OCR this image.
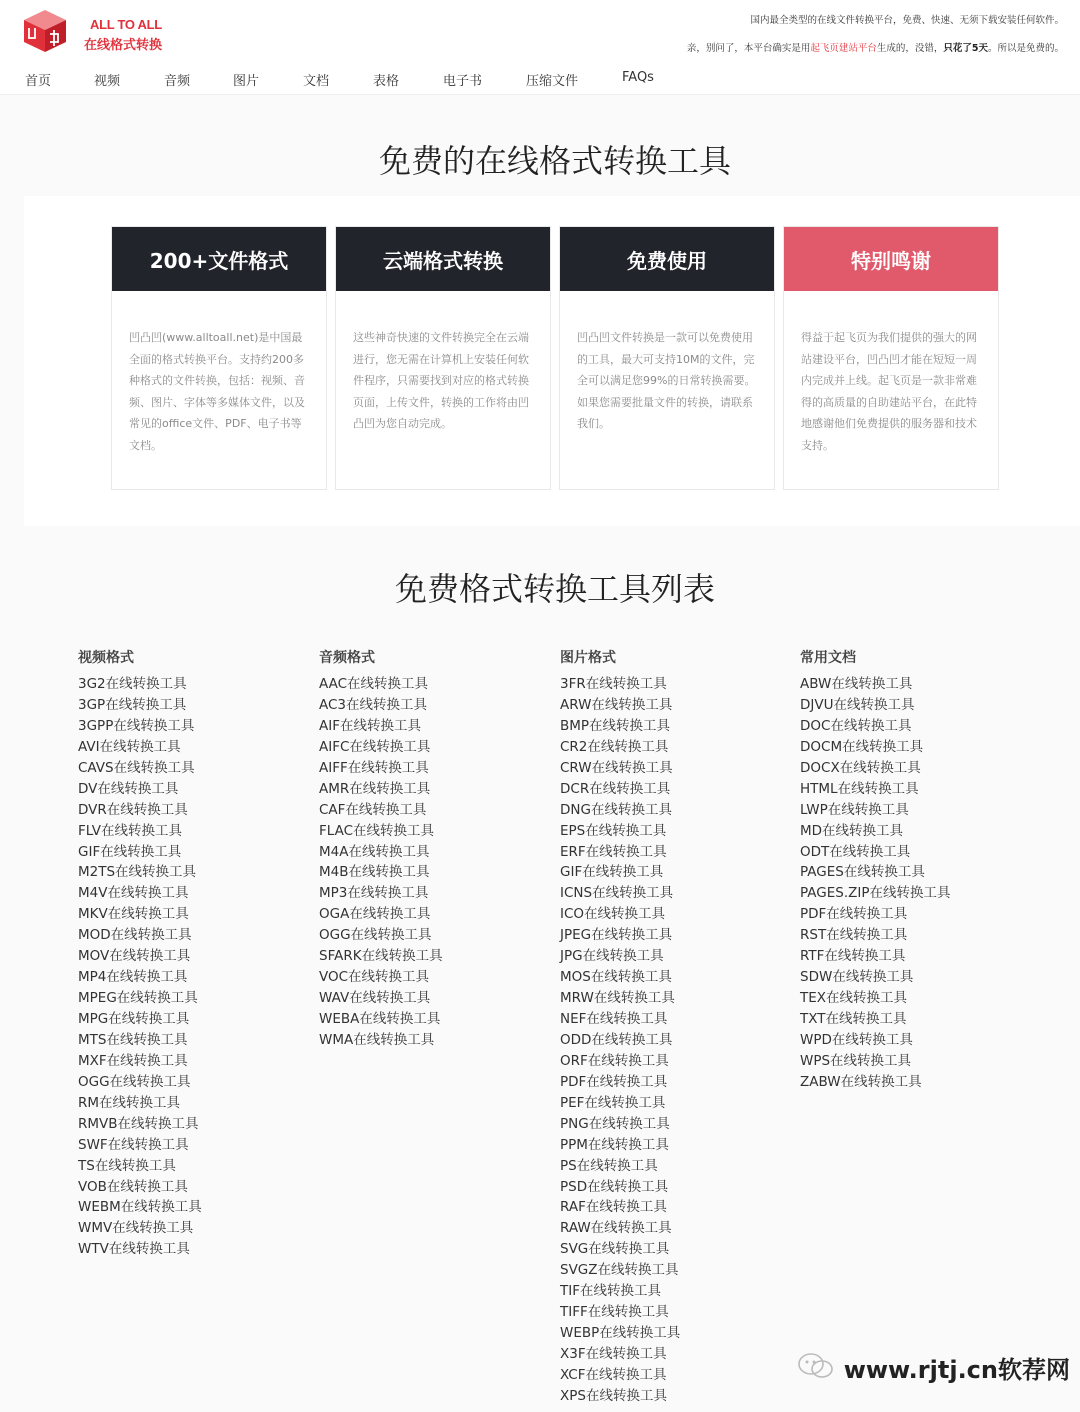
ALL TO ALL
在线格式转换
国内最全类型的在线文件转换平台，免费、快速、无须下载安装任何软件。
亲，别问了，本平台确实是用起飞页建站平台生成的，没错，只花了5天。所以是免费的。
首页	视频	音频	图片	文档	表格	电子书	压缩文件	FAQs
免费的在线格式转换工具
200+文件格式
凹凸凹(www.alltoall.net)是中国最全面的格式转换平台。支持约200多种格式的文件转换，包括：视频、音频、图片、字体等多媒体文件，以及常见的office文件、PDF、电子书等文档。
云端格式转换
这些神奇快速的文件转换完全在云端进行，您无需在计算机上安装任何软件程序，只需要找到对应的格式转换页面，上传文件，转换的工作将由凹凸凹为您自动完成。
免费使用
凹凸凹文件转换是一款可以免费使用的工具，最大可支持10M的文件，完全可以满足您99%的日常转换需要。如果您需要批量文件的转换，请联系我们。
特别鸣谢
得益于起飞页为我们提供的强大的网站建设平台，凹凸凹才能在短短一周内完成并上线。起飞页是一款非常难得的高质量的自助建站平台，在此特地感谢他们免费提供的服务器和技术支持。
免费格式转换工具列表
视频格式
3G2在线转换工具
3GP在线转换工具
3GPP在线转换工具
AVI在线转换工具
CAVS在线转换工具
DV在线转换工具
DVR在线转换工具
FLV在线转换工具
GIF在线转换工具
M2TS在线转换工具
M4V在线转换工具
MKV在线转换工具
MOD在线转换工具
MOV在线转换工具
MP4在线转换工具
MPEG在线转换工具
MPG在线转换工具
MTS在线转换工具
MXF在线转换工具
OGG在线转换工具
RM在线转换工具
RMVB在线转换工具
SWF在线转换工具
TS在线转换工具
VOB在线转换工具
WEBM在线转换工具
WMV在线转换工具
WTV在线转换工具
音频格式
AAC在线转换工具
AC3在线转换工具
AIF在线转换工具
AIFC在线转换工具
AIFF在线转换工具
AMR在线转换工具
CAF在线转换工具
FLAC在线转换工具
M4A在线转换工具
M4B在线转换工具
MP3在线转换工具
OGA在线转换工具
OGG在线转换工具
SFARK在线转换工具
VOC在线转换工具
WAV在线转换工具
WEBA在线转换工具
WMA在线转换工具
图片格式
3FR在线转换工具
ARW在线转换工具
BMP在线转换工具
CR2在线转换工具
CRW在线转换工具
DCR在线转换工具
DNG在线转换工具
EPS在线转换工具
ERF在线转换工具
GIF在线转换工具
ICNS在线转换工具
ICO在线转换工具
JPEG在线转换工具
JPG在线转换工具
MOS在线转换工具
MRW在线转换工具
NEF在线转换工具
ODD在线转换工具
ORF在线转换工具
PDF在线转换工具
PEF在线转换工具
PNG在线转换工具
PPM在线转换工具
PS在线转换工具
PSD在线转换工具
RAF在线转换工具
RAW在线转换工具
SVG在线转换工具
SVGZ在线转换工具
TIF在线转换工具
TIFF在线转换工具
WEBP在线转换工具
X3F在线转换工具
XCF在线转换工具
XPS在线转换工具
常用文档
ABW在线转换工具
DJVU在线转换工具
DOC在线转换工具
DOCM在线转换工具
DOCX在线转换工具
HTML在线转换工具
LWP在线转换工具
MD在线转换工具
ODT在线转换工具
PAGES在线转换工具
PAGES.ZIP在线转换工具
PDF在线转换工具
RST在线转换工具
RTF在线转换工具
SDW在线转换工具
TEX在线转换工具
TXT在线转换工具
WPD在线转换工具
WPS在线转换工具
ZABW在线转换工具
www.rjtj.cn软荐网
